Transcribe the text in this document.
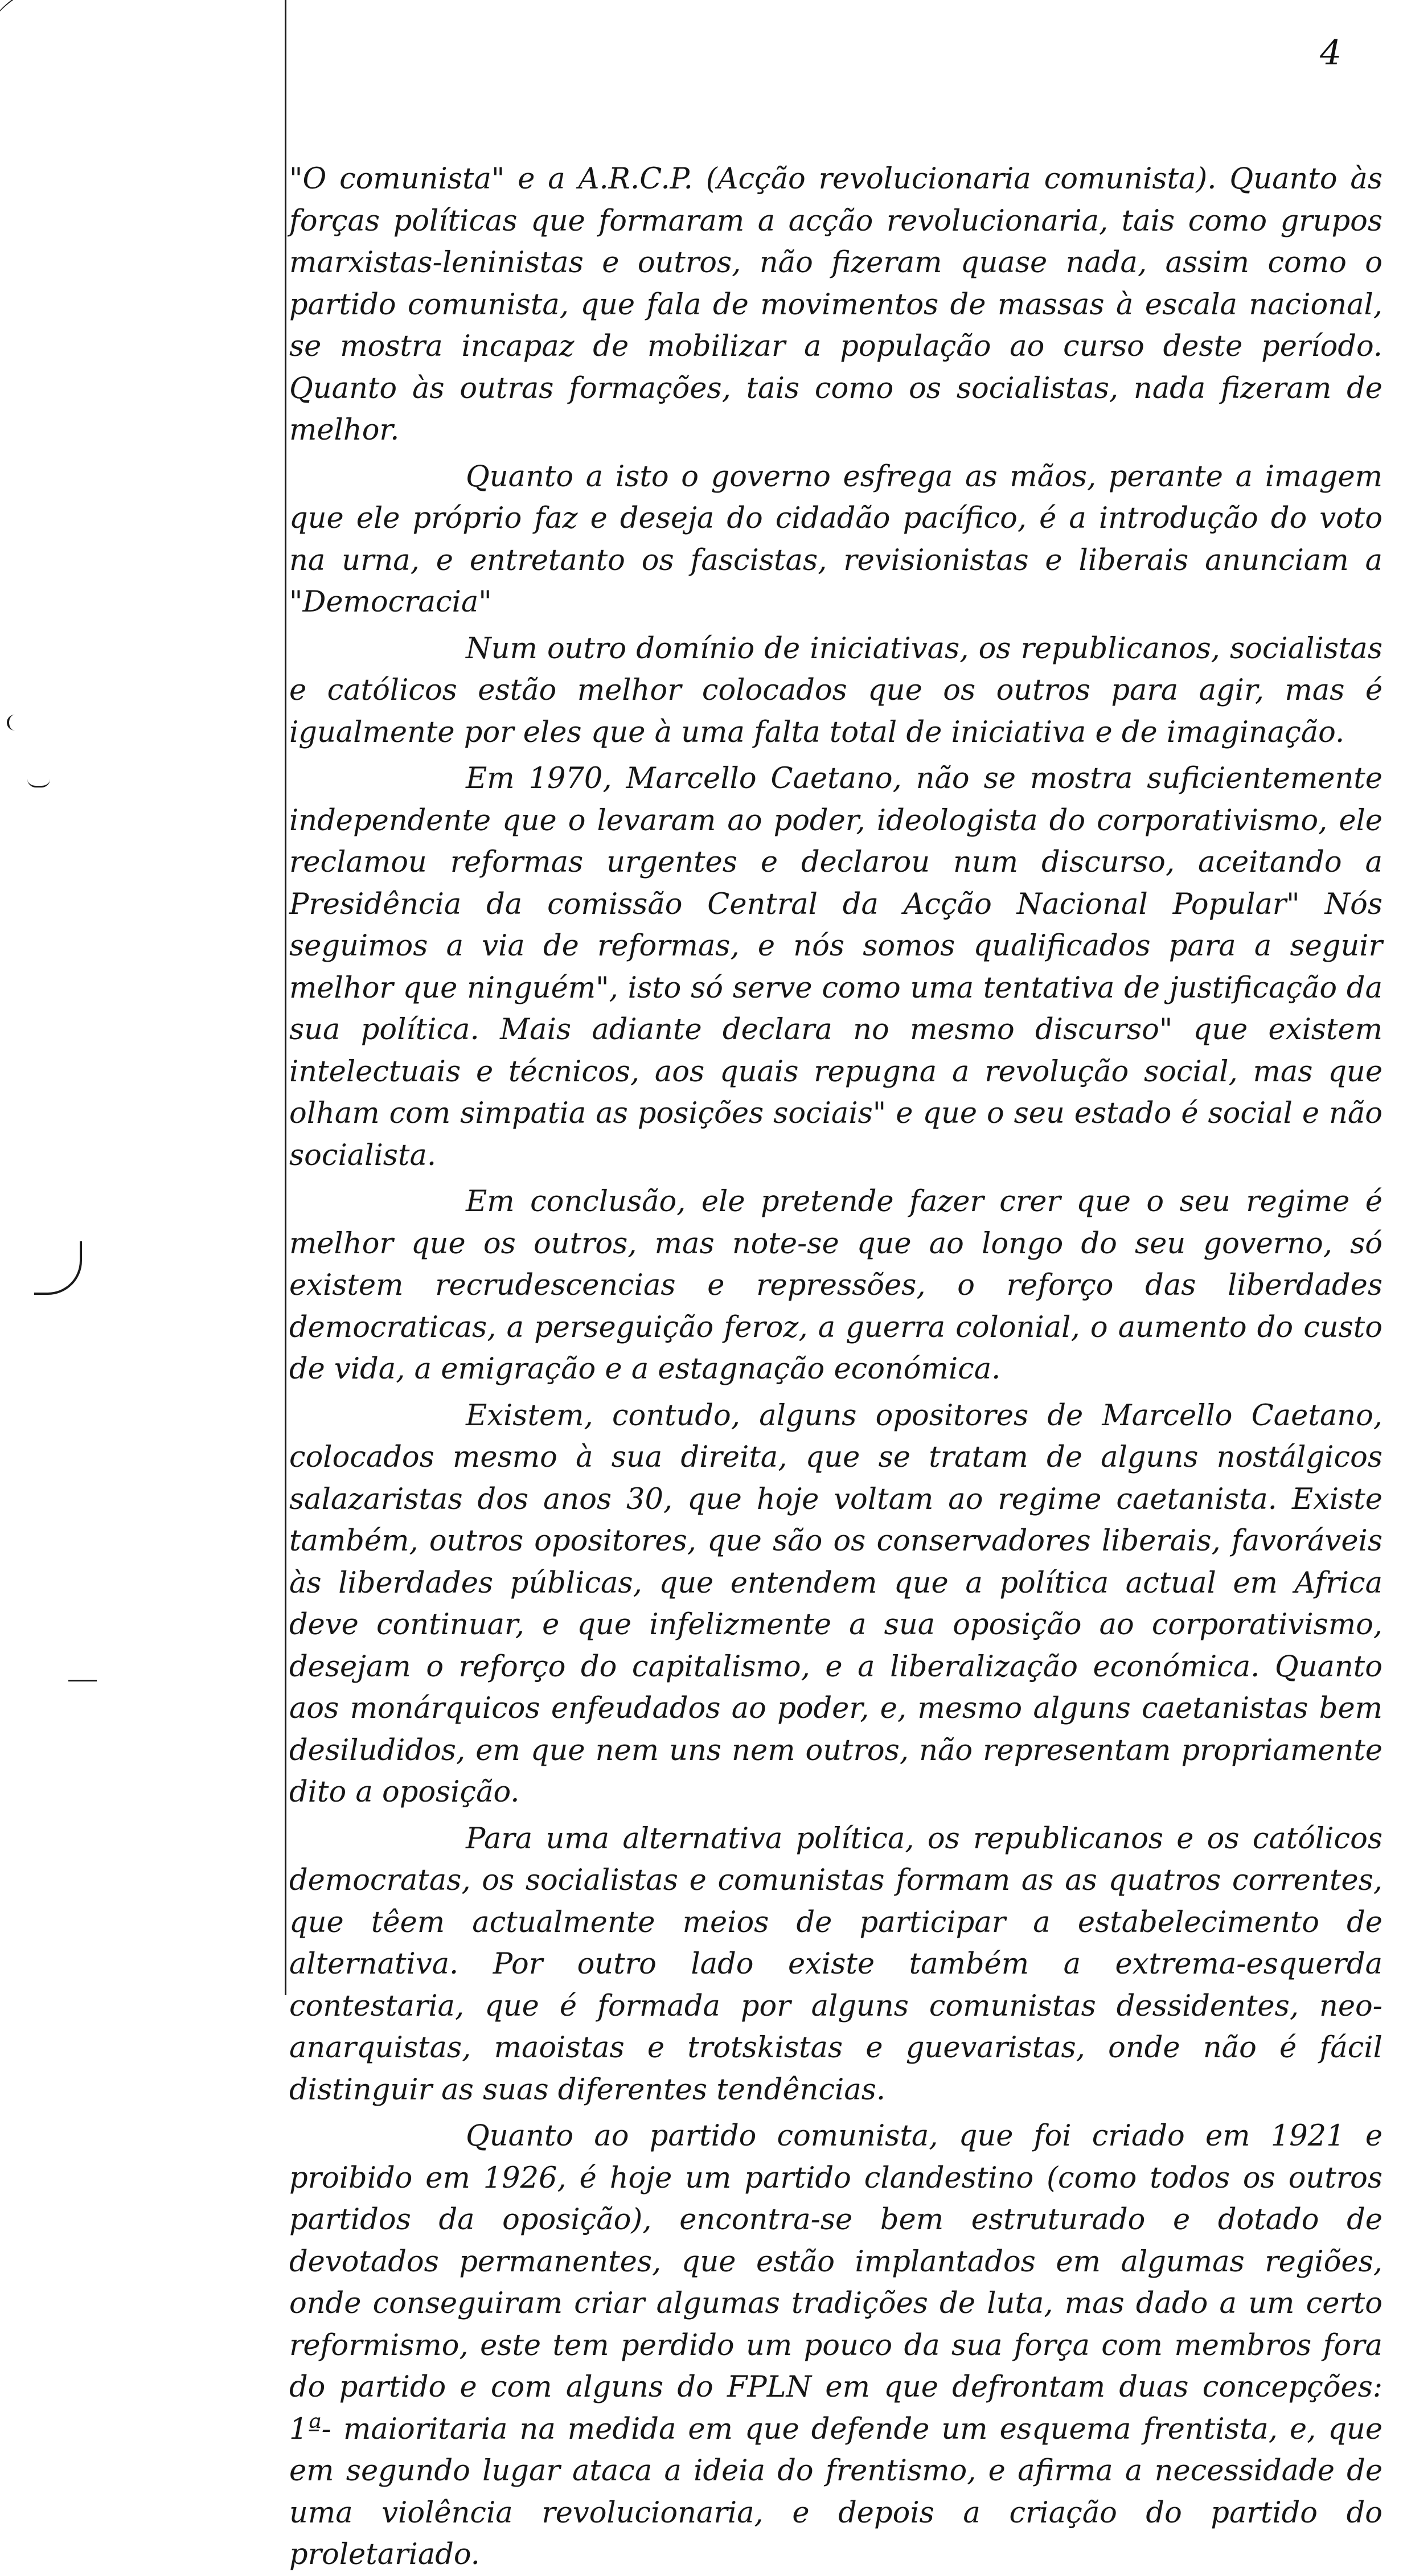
4

"O comunista" e a A.R.C.P. (Acção revolucionaria comunista). Quanto às forças políticas que formaram a acção revolucionaria, tais como grupos marxistas-leninistas e outros, não fizeram quase nada, assim como o partido comunista, que fala de movimentos de massas à escala nacional, se mostra incapaz de mobilizar a população ao curso deste período. Quanto às outras formações, tais como os socialistas, nada fizeram de melhor.

Quanto a isto o governo esfrega as mãos, perante a imagem que ele próprio faz e deseja do cidadão pacífico, é a introdução do voto na urna, e entretanto os fascistas, revisionistas e liberais anunciam a "Democracia"

Num outro domínio de iniciativas, os republicanos, socialistas e católicos estão melhor colocados que os outros para agir, mas é igualmente por eles que à uma falta total de iniciativa e de imaginação.

Em 1970, Marcello Caetano, não se mostra suficientemente independente que o levaram ao poder, ideologista do corporativismo, ele reclamou reformas urgentes e declarou num discurso, aceitando a Presidência da comissão Central da Acção Nacional Popular" Nós seguimos a via de reformas, e nós somos qualificados para a seguir melhor que ninguém", isto só serve como uma tentativa de justificação da sua política. Mais adiante declara no mesmo discurso" que existem intelectuais e técnicos, aos quais repugna a revolução social, mas que olham com simpatia as posições sociais" e que o seu estado é social e não socialista.

Em conclusão, ele pretende fazer crer que o seu regime é melhor que os outros, mas note-se que ao longo do seu governo, só existem recrudescencias e repressões, o reforço das liberdades democraticas, a perseguição feroz, a guerra colonial, o aumento do custo de vida, a emigração e a estagnação económica.

Existem, contudo, alguns opositores de Marcello Caetano, colocados mesmo à sua direita, que se tratam de alguns nostálgicos salazaristas dos anos 30, que hoje voltam ao regime caetanista. Existe também, outros opositores, que são os conservadores liberais, favoráveis às liberdades públicas, que entendem que a política actual em Africa deve continuar, e que infelizmente a sua oposição ao corporativismo, desejam o reforço do capitalismo, e a liberalização económica. Quanto aos monárquicos enfeudados ao poder, e, mesmo alguns caetanistas bem desiludidos, em que nem uns nem outros, não representam propriamente dito a oposição.

Para uma alternativa política, os republicanos e os católicos democratas, os socialistas e comunistas formam as as quatros correntes, que têem actualmente meios de participar a estabelecimento de alternativa. Por outro lado existe também a extrema-esquerda contestaria, que é formada por alguns comunistas dessidentes, neo-anarquistas, maoistas e trotskistas e guevaristas, onde não é fácil distinguir as suas diferentes tendências.

Quanto ao partido comunista, que foi criado em 1921 e proibido em 1926, é hoje um partido clandestino (como todos os outros partidos da oposição), encontra-se bem estruturado e dotado de devotados permanentes, que estão implantados em algumas regiões, onde conseguiram criar algumas tradições de luta, mas dado a um certo reformismo, este tem perdido um pouco da sua força com membros fora do partido e com alguns do FPLN em que defrontam duas concepções: 1ª- maioritaria na medida em que defende um esquema frentista, e, que em segundo lugar ataca a ideia do frentismo, e afirma a necessidade de uma violência revolucionaria, e depois a criação do partido do proletariado.
